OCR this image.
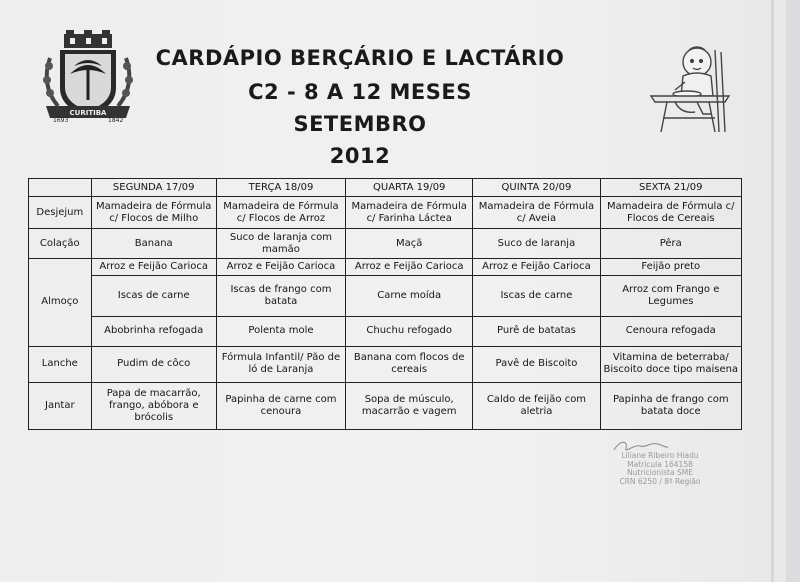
CURITIBA
1693	1842
CARDÁPIO BERÇÁRIO E LACTÁRIO
C2 - 8 A 12 MESES
SETEMBRO
2012
	SEGUNDA 17/09	TERÇA 18/09	QUARTA 19/09	QUINTA 20/09	SEXTA 21/09
Desjejum	Mamadeira de Fórmula c/ Flocos de Milho	Mamadeira de Fórmula c/ Flocos de Arroz	Mamadeira de Fórmula c/ Farinha Láctea	Mamadeira de Fórmula c/ Aveia	Mamadeira de Fórmula c/ Flocos de Cereais
Colação	Banana	Suco de laranja com mamão	Maçã	Suco de laranja	Pêra
Almoço	Arroz e Feijão Carioca	Arroz e Feijão Carioca	Arroz e Feijão Carioca	Arroz e Feijão Carioca	Feijão preto
	Iscas de carne	Iscas de frango com batata	Carne moída	Iscas de carne	Arroz com Frango e Legumes
	Abobrinha refogada	Polenta mole	Chuchu refogado	Purê de batatas	Cenoura refogada
Lanche	Pudim de côco	Fórmula Infantil/ Pão de ló de Laranja	Banana com flocos de cereais	Pavê de Biscoito	Vitamina de beterraba/ Biscoito doce tipo maisena
Jantar	Papa de macarrão, frango, abóbora e brócolis	Papinha de carne com cenoura	Sopa de músculo, macarrão e vagem	Caldo de feijão com aletria	Papinha de frango com batata doce
Liliane Ribeiro Hiadu
Matrícula 164158
Nutricionista SME
CRN 6250 / 8ª Região
